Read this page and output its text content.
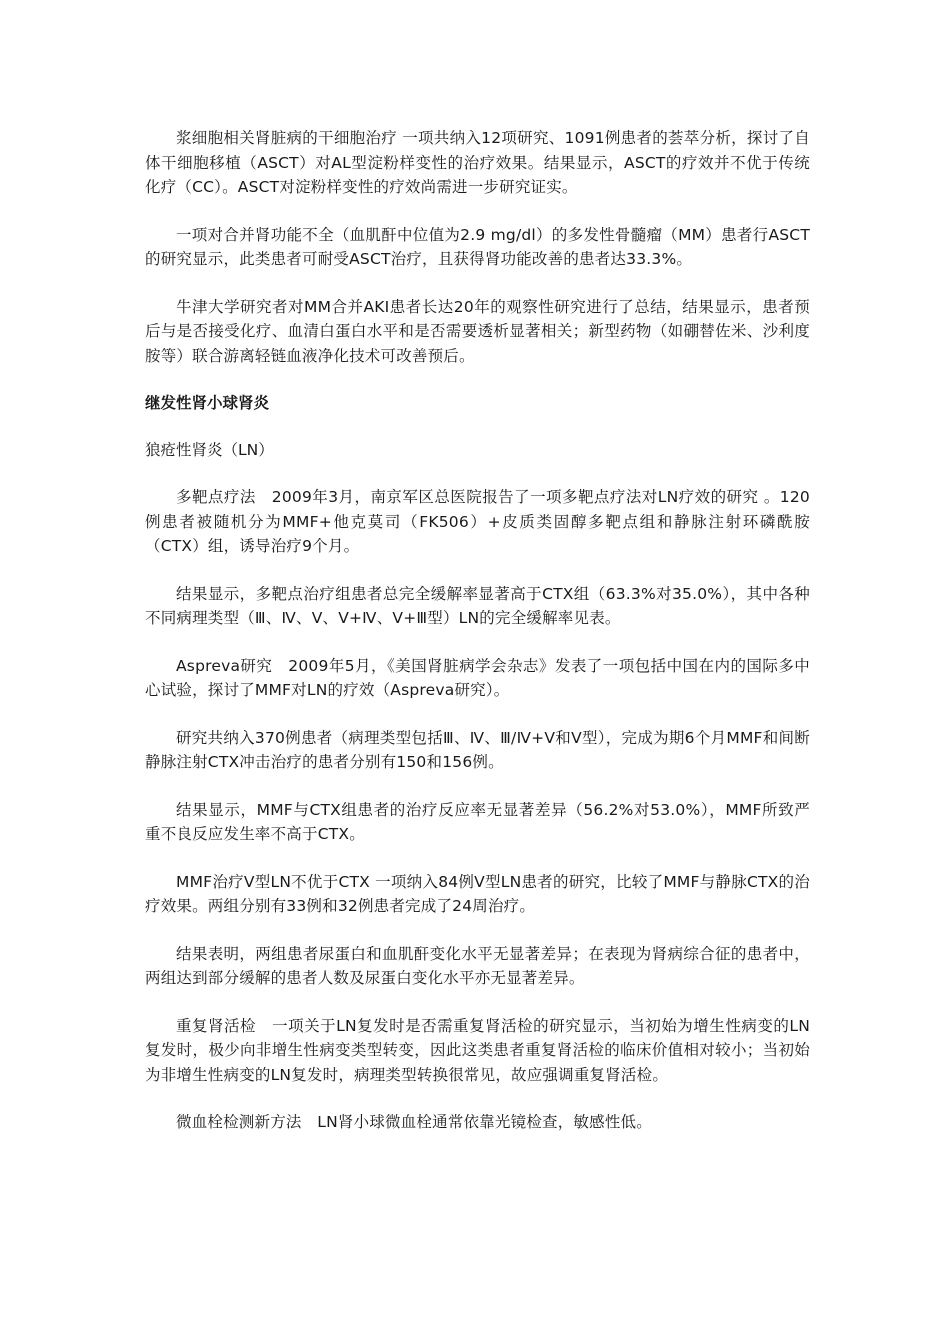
浆细胞相关肾脏病的干细胞治疗 一项共纳入12项研究、1091例患者的荟萃分析，探讨了自体干细胞移植（ASCT）对AL型淀粉样变性的治疗效果。结果显示，ASCT的疗效并不优于传统化疗（CC）。ASCT对淀粉样变性的疗效尚需进一步研究证实。

一项对合并肾功能不全（血肌酐中位值为2.9 mg/dl）的多发性骨髓瘤（MM）患者行ASCT的研究显示，此类患者可耐受ASCT治疗，且获得肾功能改善的患者达33.3%。

牛津大学研究者对MM合并AKI患者长达20年的观察性研究进行了总结，结果显示，患者预后与是否接受化疗、血清白蛋白水平和是否需要透析显著相关；新型药物（如硼替佐米、沙利度胺等）联合游离轻链血液净化技术可改善预后。

继发性肾小球肾炎
狼疮性肾炎（LN）

多靶点疗法　2009年3月，南京军区总医院报告了一项多靶点疗法对LN疗效的研究 。120例患者被随机分为MMF+他克莫司（FK506）+皮质类固醇多靶点组和静脉注射环磷酰胺（CTX）组，诱导治疗9个月。

结果显示，多靶点治疗组患者总完全缓解率显著高于CTX组（63.3%对35.0%），其中各种不同病理类型（Ⅲ、Ⅳ、Ⅴ、Ⅴ+Ⅳ、Ⅴ+Ⅲ型）LN的完全缓解率见表。

Aspreva研究　2009年5月，《美国肾脏病学会杂志》发表了一项包括中国在内的国际多中心试验，探讨了MMF对LN的疗效（Aspreva研究）。

研究共纳入370例患者（病理类型包括Ⅲ、Ⅳ、Ⅲ/Ⅳ+Ⅴ和Ⅴ型），完成为期6个月MMF和间断静脉注射CTX冲击治疗的患者分别有150和156例。

结果显示，MMF与CTX组患者的治疗反应率无显著差异（56.2%对53.0%），MMF所致严重不良反应发生率不高于CTX。

MMF治疗Ⅴ型LN不优于CTX 一项纳入84例Ⅴ型LN患者的研究，比较了MMF与静脉CTX的治疗效果。两组分别有33例和32例患者完成了24周治疗。

结果表明，两组患者尿蛋白和血肌酐变化水平无显著差异；在表现为肾病综合征的患者中，两组达到部分缓解的患者人数及尿蛋白变化水平亦无显著差异。

重复肾活检　一项关于LN复发时是否需重复肾活检的研究显示，当初始为增生性病变的LN复发时，极少向非增生性病变类型转变，因此这类患者重复肾活检的临床价值相对较小；当初始为非增生性病变的LN复发时，病理类型转换很常见，故应强调重复肾活检。

微血栓检测新方法　LN肾小球微血栓通常依靠光镜检查，敏感性低。
